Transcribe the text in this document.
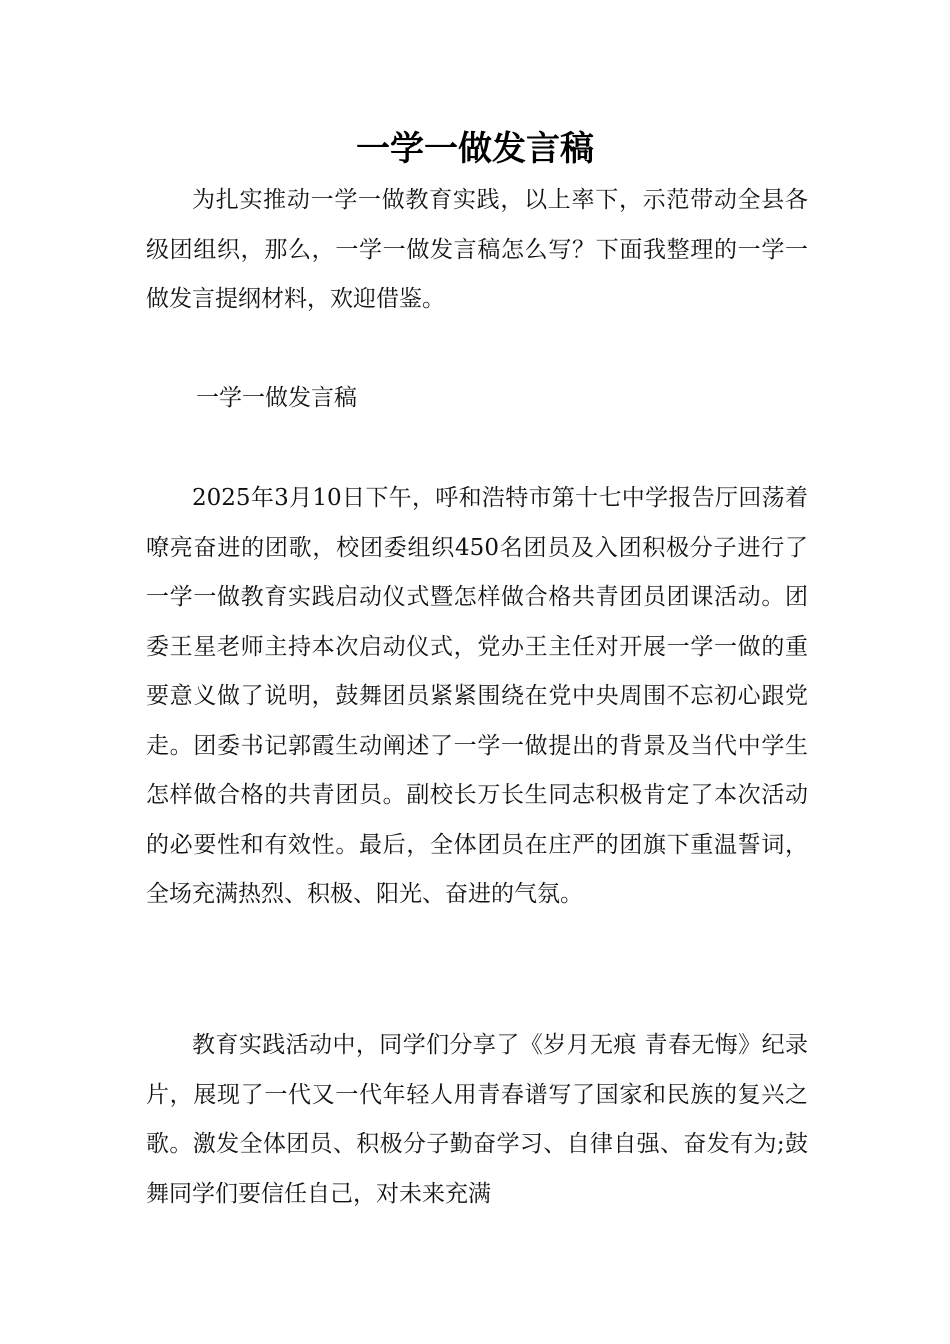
一学一做发言稿

为扎实推动一学一做教育实践，以上率下，示范带动全县各级团组织，那么，一学一做发言稿怎么写？下面我整理的一学一做发言提纲材料，欢迎借鉴。

一学一做发言稿

2025年3月10日下午，呼和浩特市第十七中学报告厅回荡着嘹亮奋进的团歌，校团委组织450名团员及入团积极分子进行了一学一做教育实践启动仪式暨怎样做合格共青团员团课活动。团委王星老师主持本次启动仪式，党办王主任对开展一学一做的重要意义做了说明，鼓舞团员紧紧围绕在党中央周围不忘初心跟党走。团委书记郭霞生动阐述了一学一做提出的背景及当代中学生怎样做合格的共青团员。副校长万长生同志积极肯定了本次活动的必要性和有效性。最后，全体团员在庄严的团旗下重温誓词，全场充满热烈、积极、阳光、奋进的气氛。

教育实践活动中，同学们分享了《岁月无痕 青春无悔》纪录片，展现了一代又一代年轻人用青春谱写了国家和民族的复兴之歌。激发全体团员、积极分子勤奋学习、自律自强、奋发有为;鼓舞同学们要信任自己，对未来充满
